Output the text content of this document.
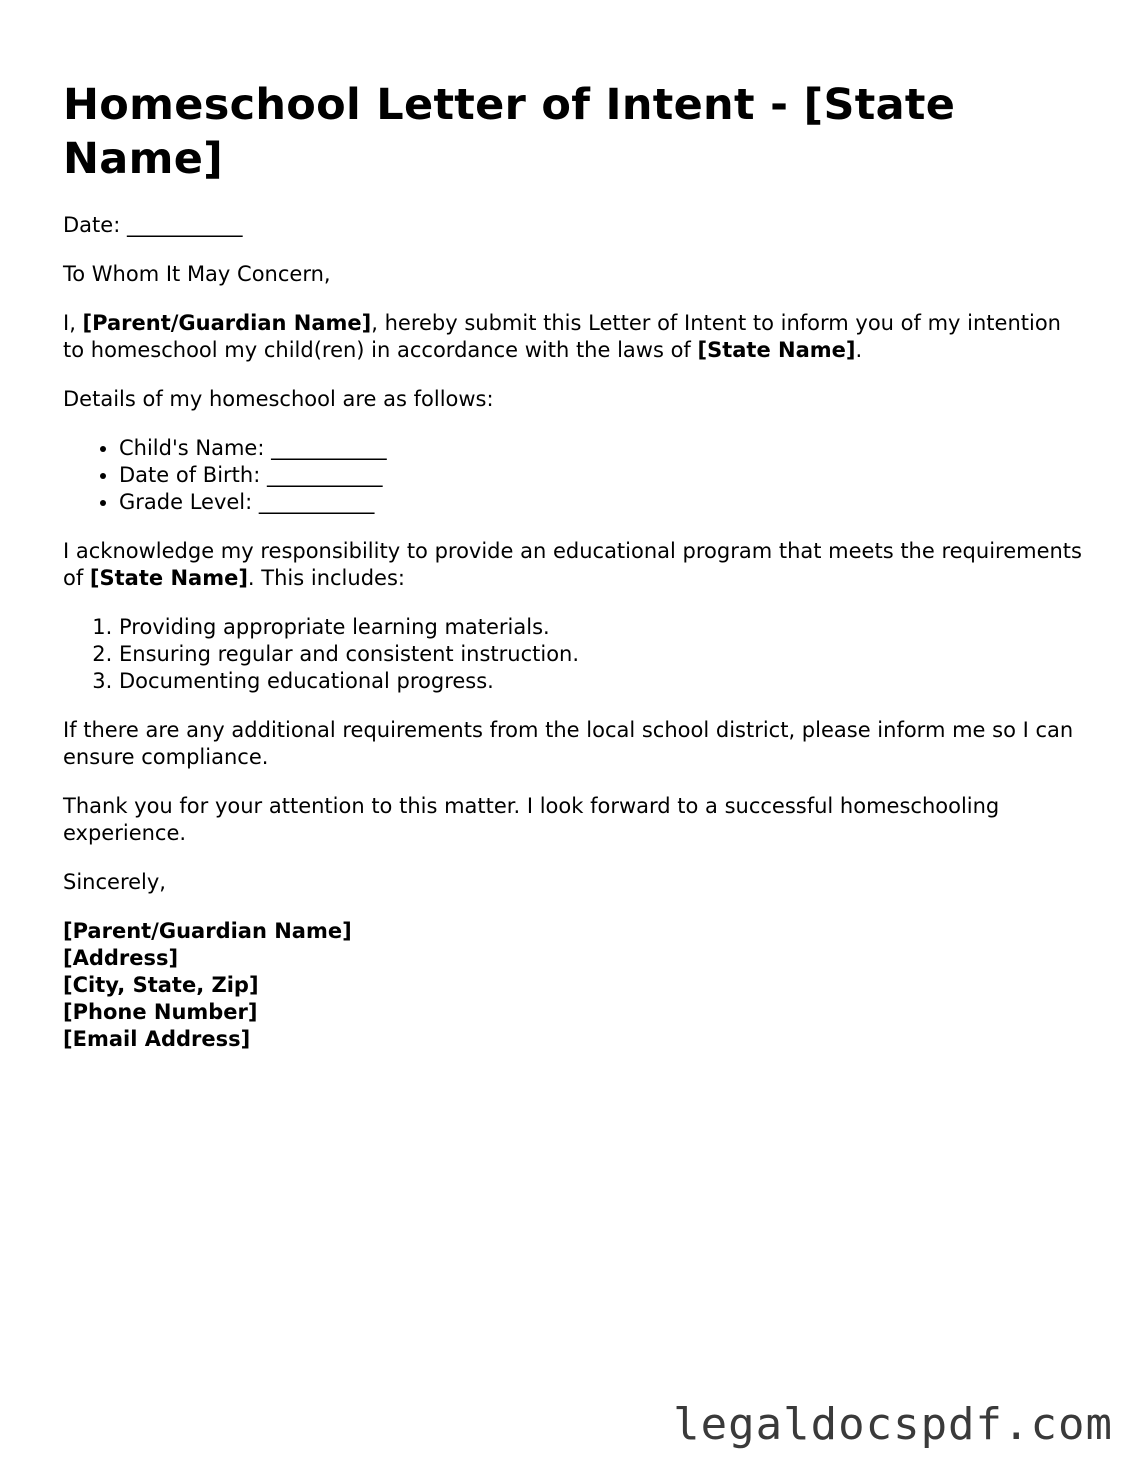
Homeschool Letter of Intent - [State Name]

Date: ___________

To Whom It May Concern,

I, [Parent/Guardian Name], hereby submit this Letter of Intent to inform you of my intention to homeschool my child(ren) in accordance with the laws of [State Name].

Details of my homeschool are as follows:

• Child's Name: ___________
• Date of Birth: ___________
• Grade Level: ___________

I acknowledge my responsibility to provide an educational program that meets the requirements of [State Name]. This includes:

1. Providing appropriate learning materials.
2. Ensuring regular and consistent instruction.
3. Documenting educational progress.

If there are any additional requirements from the local school district, please inform me so I can ensure compliance.

Thank you for your attention to this matter. I look forward to a successful homeschooling experience.

Sincerely,

[Parent/Guardian Name]
[Address]
[City, State, Zip]
[Phone Number]
[Email Address]
legaldocspdf.com
